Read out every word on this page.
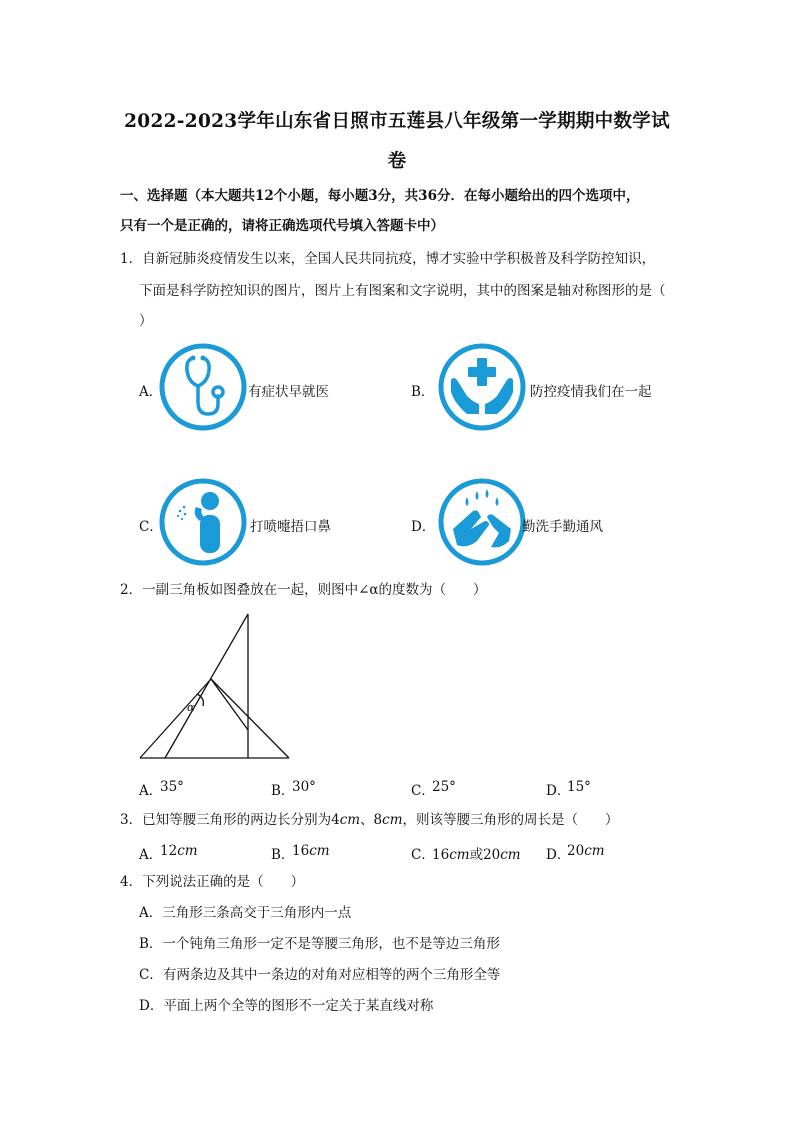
2022-2023学年山东省日照市五莲县八年级第一学期期中数学试
卷
一、选择题（本大题共12个小题，每小题3分，共36分．在每小题给出的四个选项中，
只有一个是正确的，请将正确选项代号填入答题卡中）
1．自新冠肺炎疫情发生以来，全国人民共同抗疫，博才实验中学积极普及科学防控知识，
下面是科学防控知识的图片，图片上有图案和文字说明，其中的图案是轴对称图形的是（
）
A．	有症状早就医	B．	防控疫情我们在一起
C．	打喷嚏捂口鼻	D．	勤洗手勤通风
2．一副三角板如图叠放在一起，则图中∠α的度数为（　　）
α
A．
35°	B．
30°	C．
25°	D．
15°
3．已知等腰三角形的两边长分别为4cm、8cm，则该等腰三角形的周长是（　　）
A．
12cm	B．
16cm	C．
16cm或20cm D．
20cm
4．下列说法正确的是（　　）
A．三角形三条高交于三角形内一点
B．一个钝角三角形一定不是等腰三角形，也不是等边三角形
C．有两条边及其中一条边的对角对应相等的两个三角形全等
D．平面上两个全等的图形不一定关于某直线对称
